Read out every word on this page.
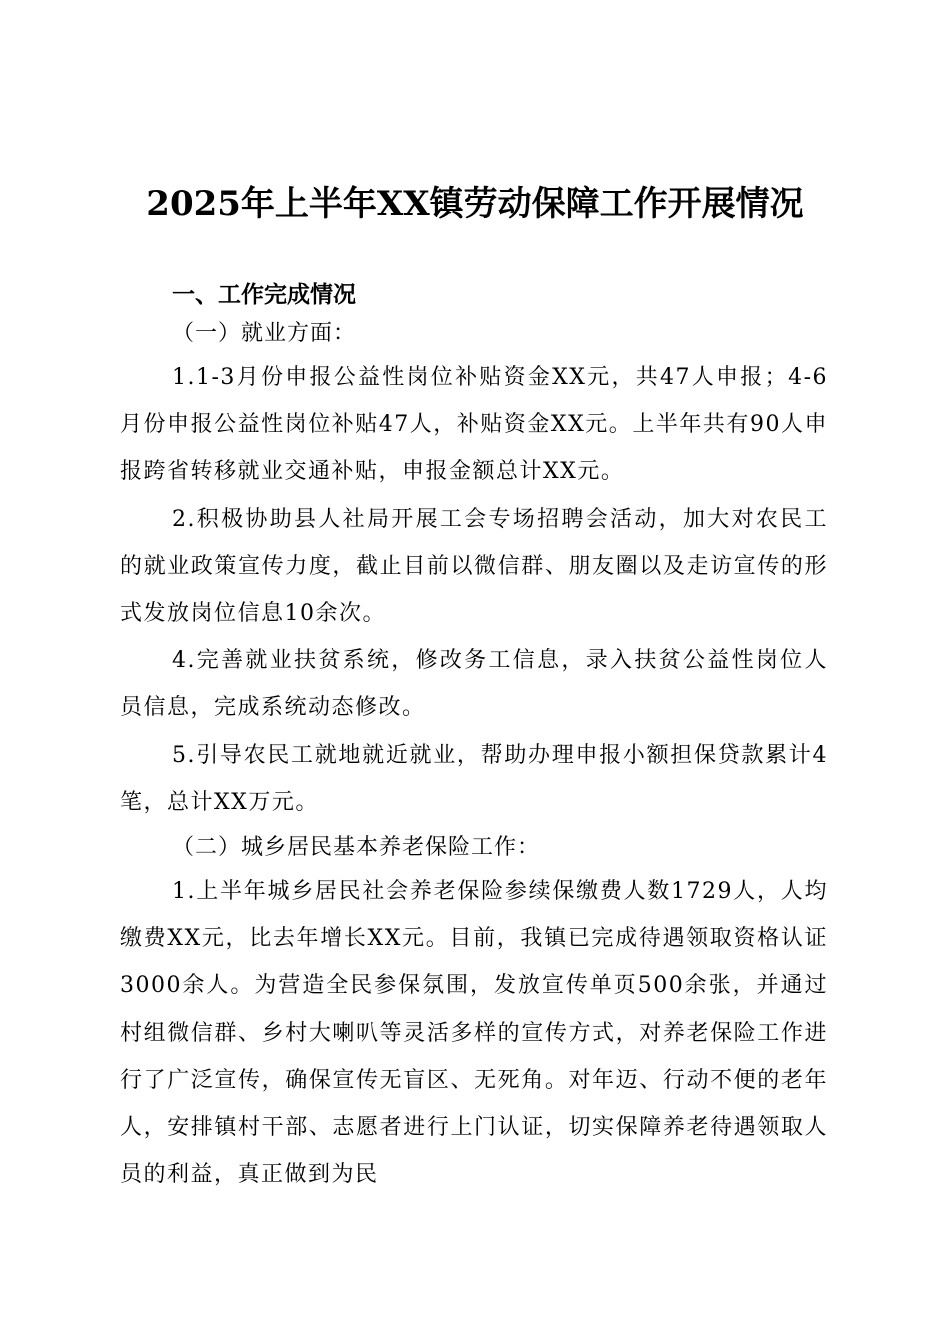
2025年上半年XX镇劳动保障工作开展情况
一、工作完成情况
（一）就业方面：

1.1-3月份申报公益性岗位补贴资金XX元，共47人申报；4-6月份申报公益性岗位补贴47人，补贴资金XX元。上半年共有90人申报跨省转移就业交通补贴，申报金额总计XX元。

2.积极协助县人社局开展工会专场招聘会活动，加大对农民工的就业政策宣传力度，截止目前以微信群、朋友圈以及走访宣传的形式发放岗位信息10余次。

4.完善就业扶贫系统，修改务工信息，录入扶贫公益性岗位人员信息，完成系统动态修改。

5.引导农民工就地就近就业，帮助办理申报小额担保贷款累计4笔，总计XX万元。

（二）城乡居民基本养老保险工作：

1.上半年城乡居民社会养老保险参续保缴费人数1729人，人均缴费XX元，比去年增长XX元。目前，我镇已完成待遇领取资格认证3000余人。为营造全民参保氛围，发放宣传单页500余张，并通过村组微信群、乡村大喇叭等灵活多样的宣传方式，对养老保险工作进行了广泛宣传，确保宣传无盲区、无死角。对年迈、行动不便的老年人，安排镇村干部、志愿者进行上门认证，切实保障养老待遇领取人员的利益，真正做到为民
